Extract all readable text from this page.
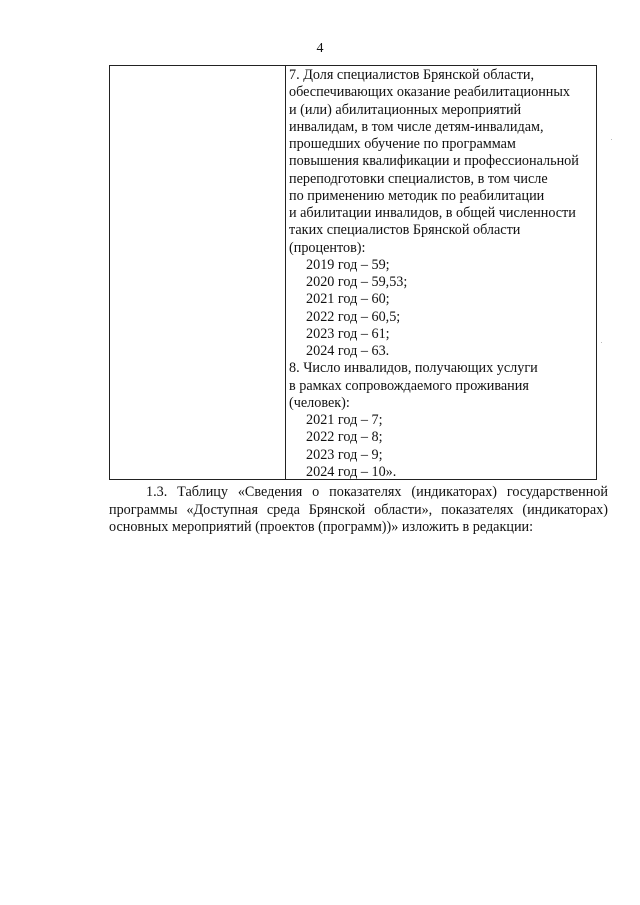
4
7. Доля специалистов Брянской области,
обеспечивающих оказание реабилитационных
и (или) абилитационных мероприятий
инвалидам, в том числе детям-инвалидам,
прошедших обучение по программам
повышения квалификации и профессиональной
переподготовки специалистов, в том числе
по применению методик по реабилитации
и абилитации инвалидов, в общей численности
таких специалистов Брянской области
(процентов):
2019 год – 59;
2020 год – 59,53;
2021 год – 60;
2022 год – 60,5;
2023 год – 61;
2024 год – 63.
8. Число инвалидов, получающих услуги
в рамках сопровождаемого проживания
(человек):
2021 год – 7;
2022 год – 8;
2023 год – 9;
2024 год – 10».
1.3. Таблицу «Сведения о показателях (индикаторах) государственной
программы «Доступная среда Брянской области», показателях (индикаторах)
основных мероприятий (проектов (программ))» изложить в редакции:
